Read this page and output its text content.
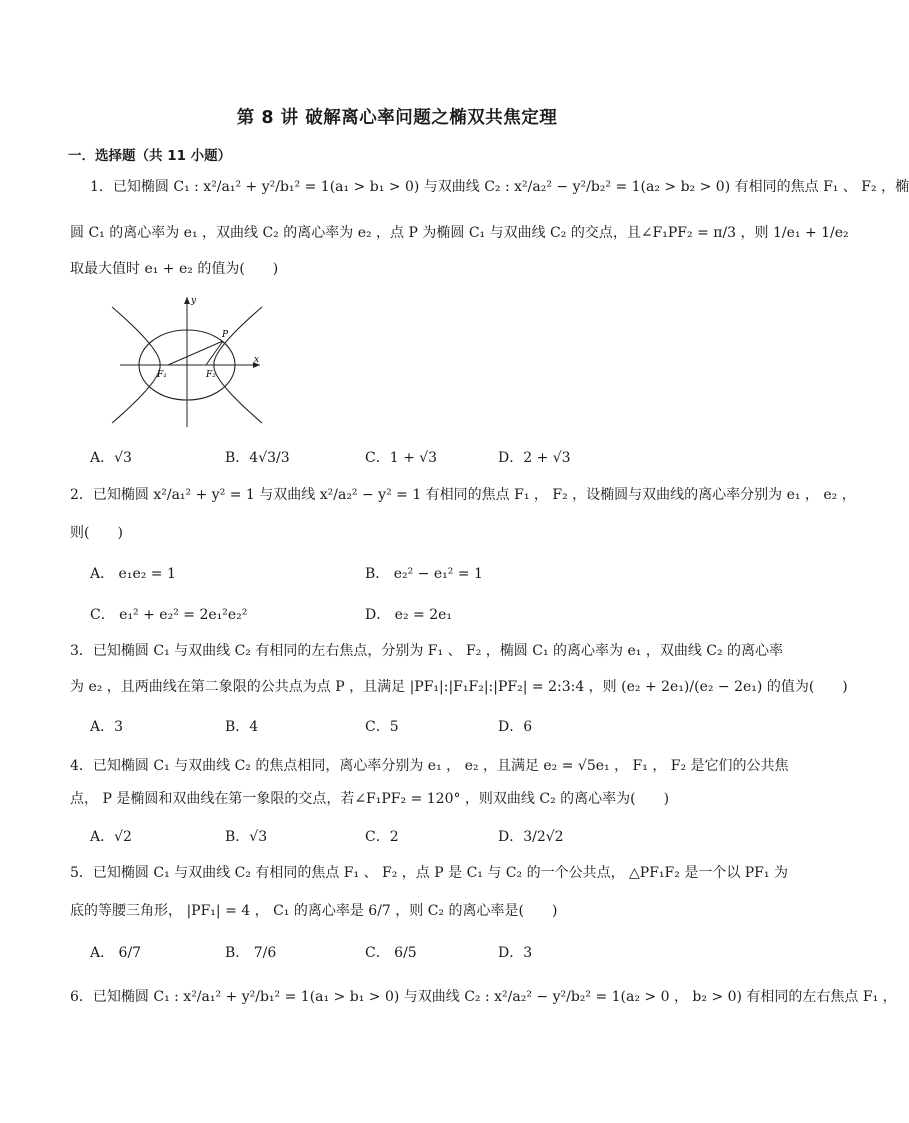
第 8 讲 破解离心率问题之椭双共焦定理
一．选择题（共 11 小题）
1．已知椭圆 C₁ : x²/a₁² + y²/b₁² = 1(a₁ > b₁ > 0) 与双曲线 C₂ : x²/a₂² − y²/b₂² = 1(a₂ > b₂ > 0) 有相同的焦点 F₁ 、 F₂ ，椭
圆 C₁ 的离心率为 e₁ ，双曲线 C₂ 的离心率为 e₂ ，点 P 为椭圆 C₁ 与双曲线 C₂ 的交点，且∠F₁PF₂ = π/3 ，则 1/e₁ + 1/e₂
取最大值时 e₁ + e₂ 的值为(　　)
y
x
P
F₁	F₂
A．√3	B．4√3/3	C．1 + √3	D．2 + √3
2．已知椭圆 x²/a₁² + y² = 1 与双曲线 x²/a₂² − y² = 1 有相同的焦点 F₁ ， F₂ ，设椭圆与双曲线的离心率分别为 e₁ ， e₂ ，
则(　　)
A． e₁e₂ = 1	B． e₂² − e₁² = 1
C． e₁² + e₂² = 2e₁²e₂²	D． e₂ = 2e₁
3．已知椭圆 C₁ 与双曲线 C₂ 有相同的左右焦点，分别为 F₁ 、 F₂ ，椭圆 C₁ 的离心率为 e₁ ，双曲线 C₂ 的离心率
为 e₂ ，且两曲线在第二象限的公共点为点 P ，且满足 |PF₁|:|F₁F₂|:|PF₂| = 2:3:4 ，则 (e₂ + 2e₁)/(e₂ − 2e₁) 的值为(　　)
A．3	B．4	C．5	D．6
4．已知椭圆 C₁ 与双曲线 C₂ 的焦点相同，离心率分别为 e₁ ， e₂ ，且满足 e₂ = √5e₁ ， F₁ ， F₂ 是它们的公共焦
点， P 是椭圆和双曲线在第一象限的交点，若∠F₁PF₂ = 120° ，则双曲线 C₂ 的离心率为(　　)
A．√2	B．√3	C．2	D．3/2√2
5．已知椭圆 C₁ 与双曲线 C₂ 有相同的焦点 F₁ 、 F₂ ，点 P 是 C₁ 与 C₂ 的一个公共点， △PF₁F₂ 是一个以 PF₁ 为
底的等腰三角形， |PF₁| = 4 ， C₁ 的离心率是 6/7 ，则 C₂ 的离心率是(　　)
A． 6/7	B． 7/6	C． 6/5	D．3
6．已知椭圆 C₁ : x²/a₁² + y²/b₁² = 1(a₁ > b₁ > 0) 与双曲线 C₂ : x²/a₂² − y²/b₂² = 1(a₂ > 0 ， b₂ > 0) 有相同的左右焦点 F₁ ，
